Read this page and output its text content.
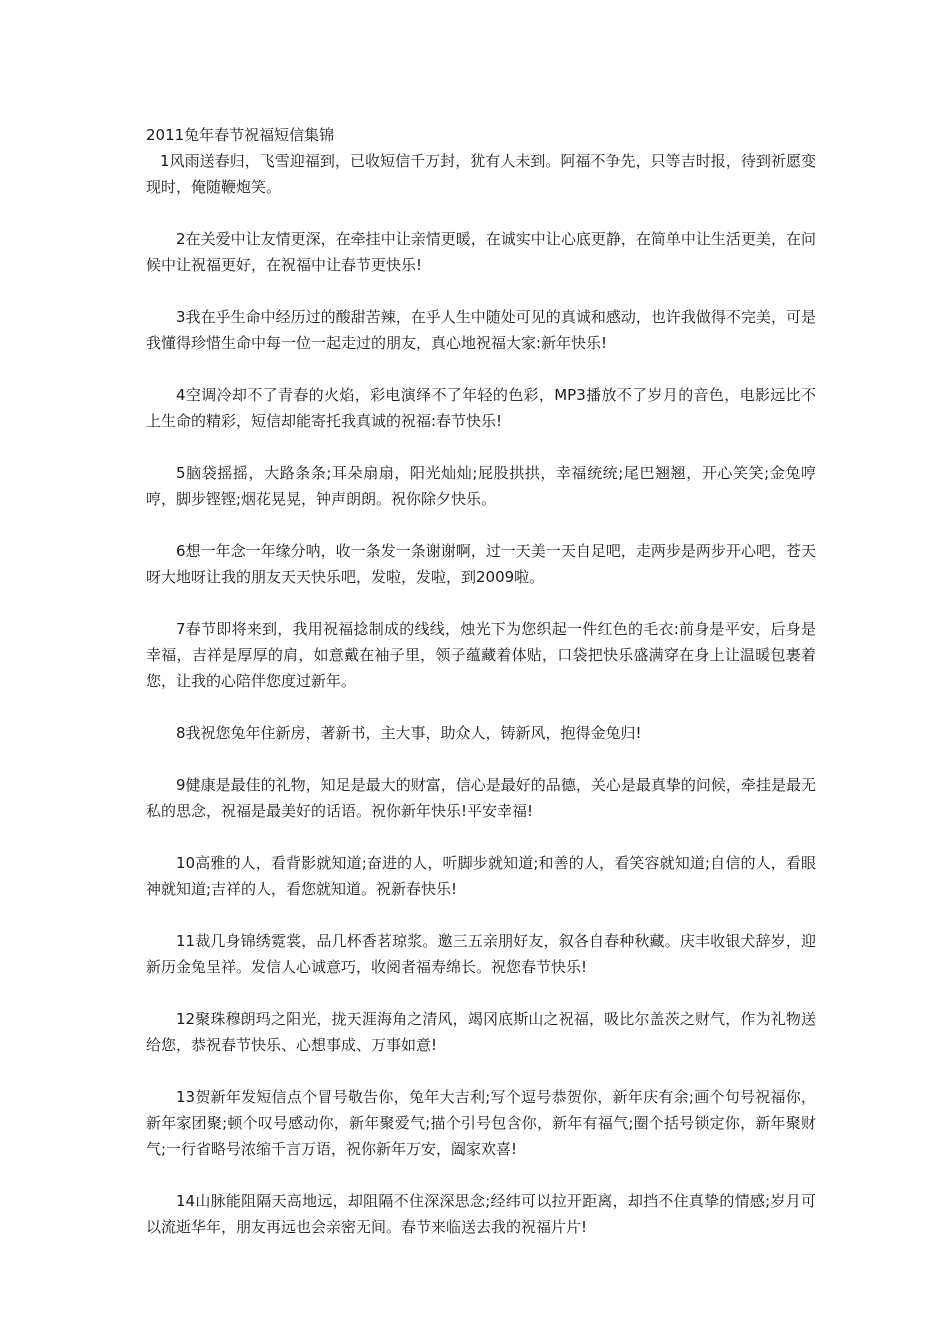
2011兔年春节祝福短信集锦

1风雨送春归，飞雪迎福到，已收短信千万封，犹有人未到。阿福不争先，只等吉时报，待到祈愿变现时，俺随鞭炮笑。

2在关爱中让友情更深，在牵挂中让亲情更暖，在诚实中让心底更静，在简单中让生活更美，在问候中让祝福更好，在祝福中让春节更快乐!

3我在乎生命中经历过的酸甜苦辣，在乎人生中随处可见的真诚和感动，也许我做得不完美，可是我懂得珍惜生命中每一位一起走过的朋友，真心地祝福大家:新年快乐!

4空调冷却不了青春的火焰，彩电演绎不了年轻的色彩，MP3播放不了岁月的音色，电影远比不上生命的精彩，短信却能寄托我真诚的祝福:春节快乐!

5脑袋摇摇，大路条条;耳朵扇扇，阳光灿灿;屁股拱拱，幸福统统;尾巴翘翘，开心笑笑;金兔哼哼，脚步铿铿;烟花晃晃，钟声朗朗。祝你除夕快乐。

6想一年念一年缘分呐，收一条发一条谢谢啊，过一天美一天自足吧，走两步是两步开心吧，苍天呀大地呀让我的朋友天天快乐吧，发啦，发啦，到2009啦。

7春节即将来到，我用祝福捻制成的线线，烛光下为您织起一件红色的毛衣:前身是平安，后身是幸福，吉祥是厚厚的肩，如意戴在袖子里，领子蕴藏着体贴，口袋把快乐盛满穿在身上让温暖包裹着您，让我的心陪伴您度过新年。

8我祝您兔年住新房，著新书，主大事，助众人，铸新风，抱得金兔归!

9健康是最佳的礼物，知足是最大的财富，信心是最好的品德，关心是最真挚的问候，牵挂是最无私的思念，祝福是最美好的话语。祝你新年快乐!平安幸福!

10高雅的人，看背影就知道;奋进的人，听脚步就知道;和善的人，看笑容就知道;自信的人，看眼神就知道;吉祥的人，看您就知道。祝新春快乐!

11裁几身锦绣霓裳，品几杯香茗琼浆。邀三五亲朋好友，叙各自春种秋藏。庆丰收银犬辞岁，迎新历金兔呈祥。发信人心诚意巧，收阅者福寿绵长。祝您春节快乐!

12聚珠穆朗玛之阳光，拢天涯海角之清风，竭冈底斯山之祝福，吸比尔盖茨之财气，作为礼物送给您，恭祝春节快乐、心想事成、万事如意!

13贺新年发短信点个冒号敬告你，兔年大吉利;写个逗号恭贺你，新年庆有余;画个句号祝福你，新年家团聚;顿个叹号感动你，新年聚爱气;描个引号包含你，新年有福气;圈个括号锁定你，新年聚财气;一行省略号浓缩千言万语，祝你新年万安，阖家欢喜!

14山脉能阻隔天高地远，却阻隔不住深深思念;经纬可以拉开距离，却挡不住真挚的情感;岁月可以流逝华年，朋友再远也会亲密无间。春节来临送去我的祝福片片!
